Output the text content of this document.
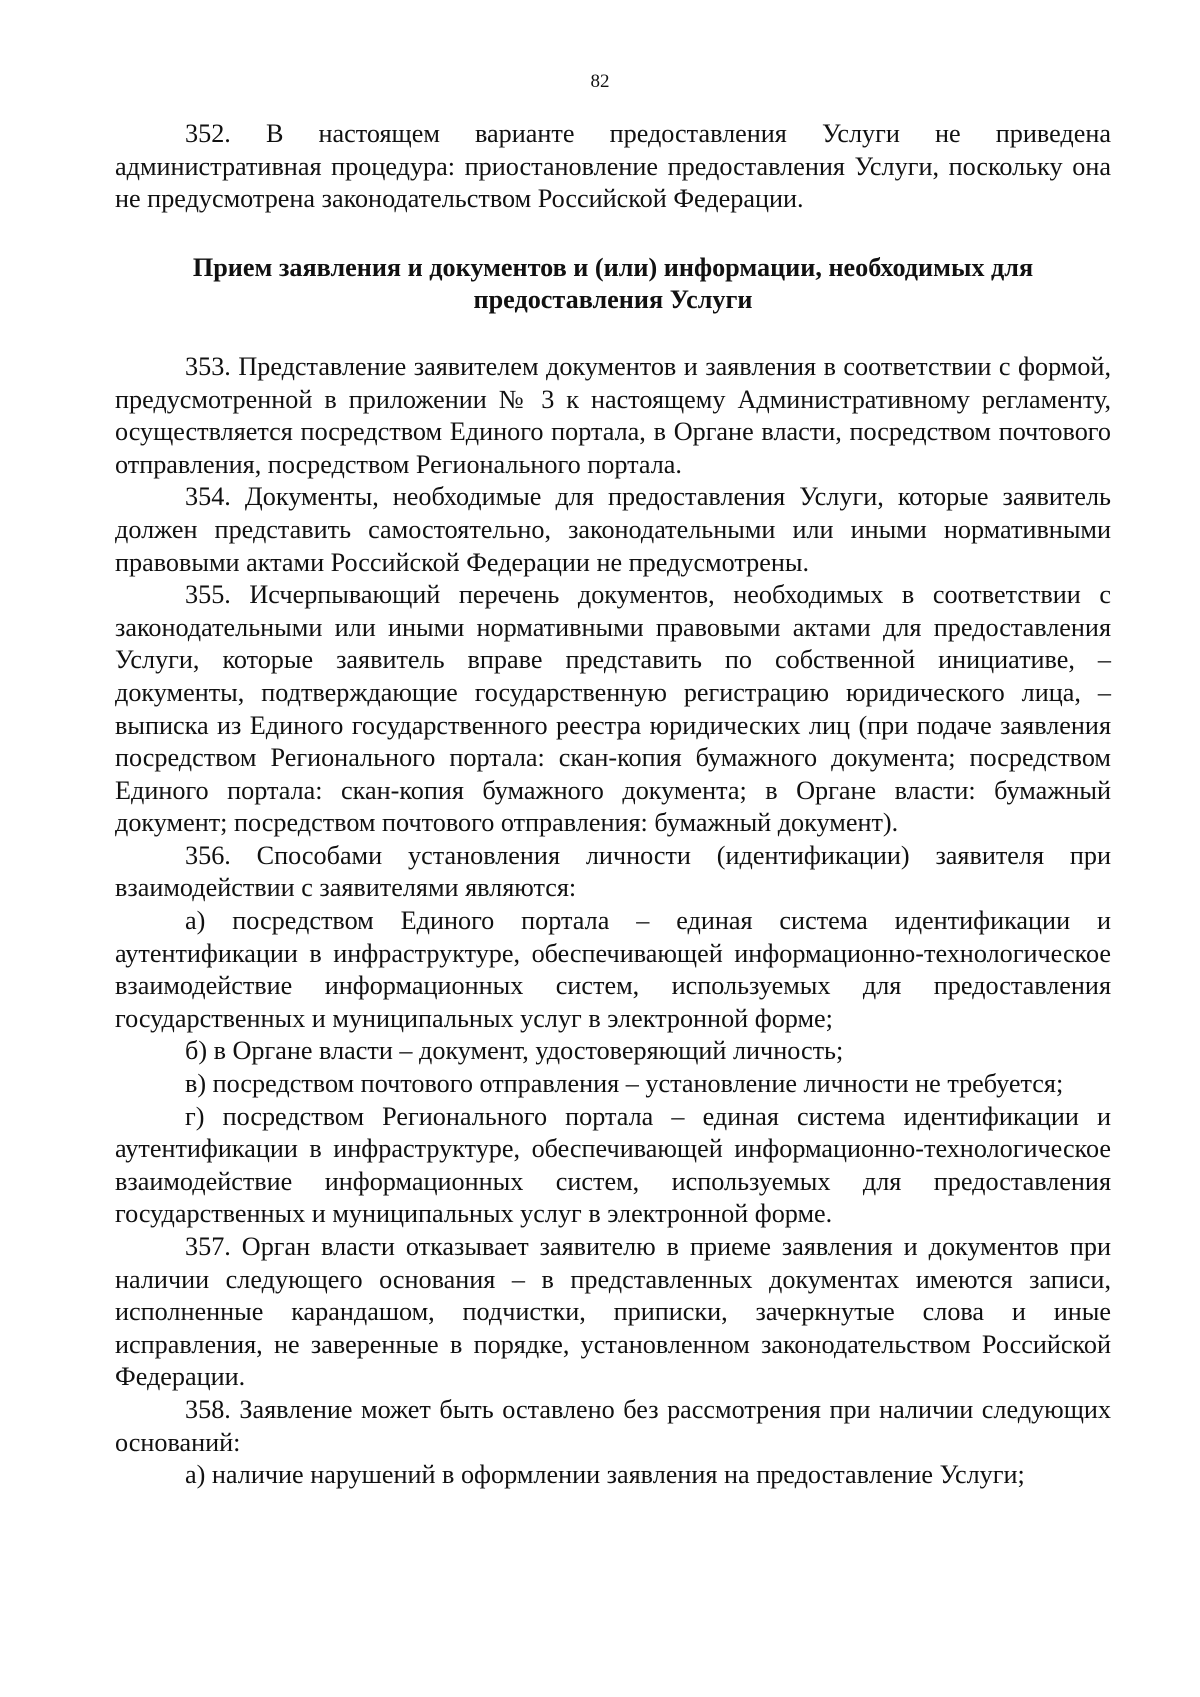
82

352. В настоящем варианте предоставления Услуги не приведена административная процедура: приостановление предоставления Услуги, поскольку она не предусмотрена законодательством Российской Федерации.

Прием заявления и документов и (или) информации, необходимых для
предоставления Услуги

353. Представление заявителем документов и заявления в соответствии с формой, предусмотренной в приложении № 3 к настоящему Административному регламенту, осуществляется посредством Единого портала, в Органе власти, посредством почтового отправления, посредством Регионального портала.

354. Документы, необходимые для предоставления Услуги, которые заявитель должен представить самостоятельно, законодательными или иными нормативными правовыми актами Российской Федерации не предусмотрены.

355. Исчерпывающий перечень документов, необходимых в соответствии с законодательными или иными нормативными правовыми актами для предоставления Услуги, которые заявитель вправе представить по собственной инициативе, – документы, подтверждающие государственную регистрацию юридического лица, – выписка из Единого государственного реестра юридических лиц (при подаче заявления посредством Регионального портала: скан-копия бумажного документа; посредством Единого портала: скан-копия бумажного документа; в Органе власти: бумажный документ; посредством почтового отправления: бумажный документ).

356. Способами установления личности (идентификации) заявителя при взаимодействии с заявителями являются:

а) посредством Единого портала – единая система идентификации и аутентификации в инфраструктуре, обеспечивающей информационно-технологическое взаимодействие информационных систем, используемых для предоставления государственных и муниципальных услуг в электронной форме;

б) в Органе власти – документ, удостоверяющий личность;

в) посредством почтового отправления – установление личности не требуется;

г) посредством Регионального портала – единая система идентификации и аутентификации в инфраструктуре, обеспечивающей информационно-технологическое взаимодействие информационных систем, используемых для предоставления государственных и муниципальных услуг в электронной форме.

357. Орган власти отказывает заявителю в приеме заявления и документов при наличии следующего основания – в представленных документах имеются записи, исполненные карандашом, подчистки, приписки, зачеркнутые слова и иные исправления, не заверенные в порядке, установленном законодательством Российской Федерации.

358. Заявление может быть оставлено без рассмотрения при наличии следующих оснований:

а) наличие нарушений в оформлении заявления на предоставление Услуги;
